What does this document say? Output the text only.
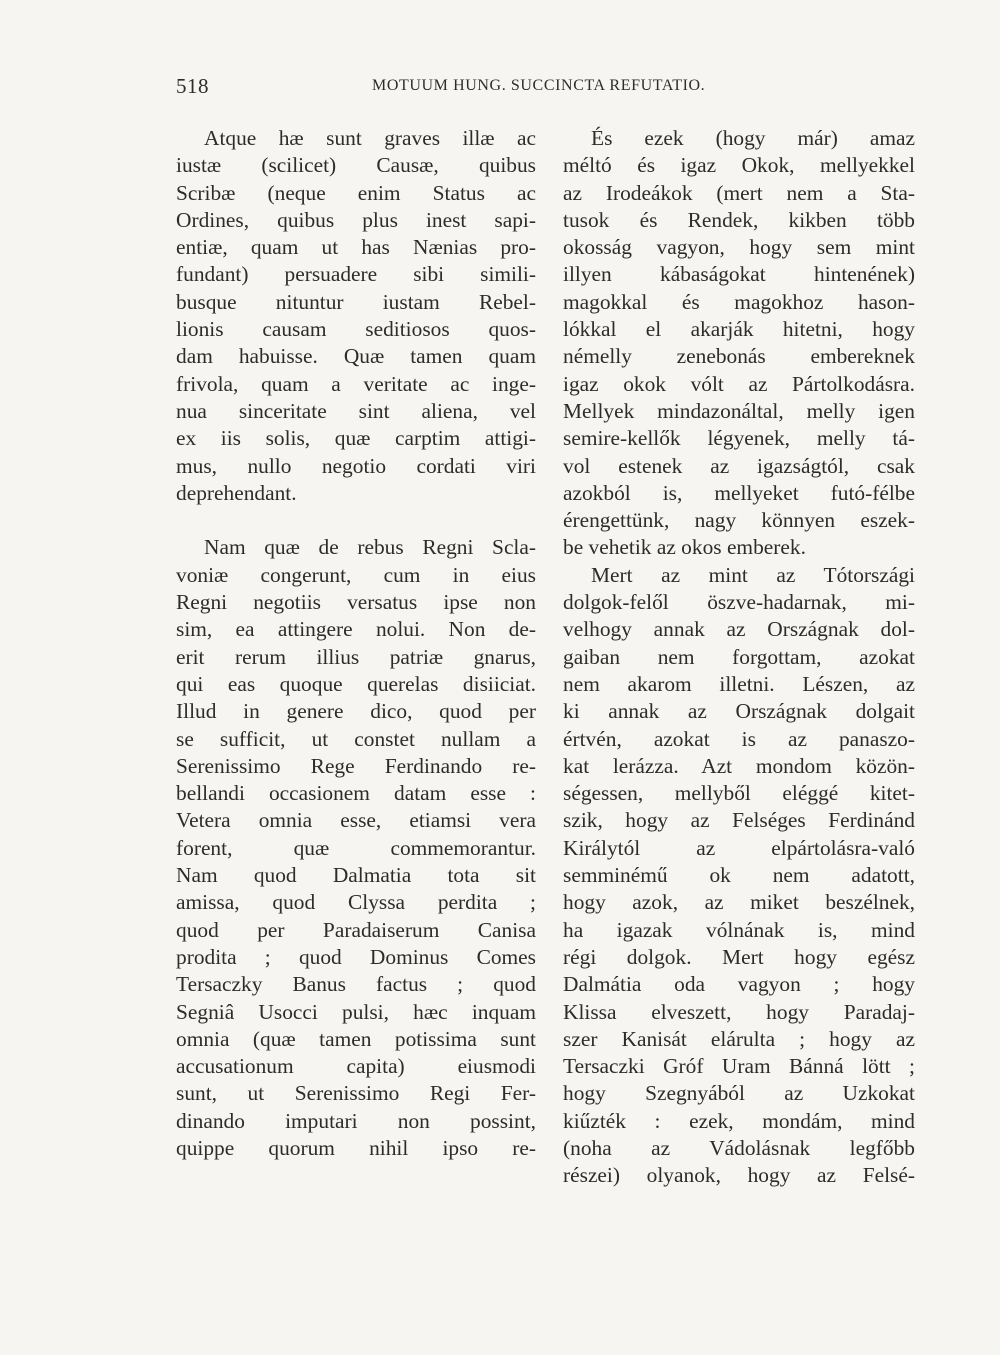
518	MOTUUM HUNG. SUCCINCTA REFUTATIO.
Atque hæ sunt graves illæ ac
iustæ (scilicet) Causæ, quibus
Scribæ (neque enim Status ac
Ordines, quibus plus inest sapi-
entiæ, quam ut has Nænias pro-
fundant) persuadere sibi simili-
busque nituntur iustam Rebel-
lionis causam seditiosos quos-
dam habuisse. Quæ tamen quam
frivola, quam a veritate ac inge-
nua sinceritate sint aliena, vel
ex iis solis, quæ carptim attigi-
mus, nullo negotio cordati viri
deprehendant.
Nam quæ de rebus Regni Scla-
voniæ congerunt, cum in eius
Regni negotiis versatus ipse non
sim, ea attingere nolui. Non de-
erit rerum illius patriæ gnarus,
qui eas quoque querelas disiiciat.
Illud in genere dico, quod per
se sufficit, ut constet nullam a
Serenissimo Rege Ferdinando re-
bellandi occasionem datam esse :
Vetera omnia esse, etiamsi vera
forent, quæ commemorantur.
Nam quod Dalmatia tota sit
amissa, quod Clyssa perdita ;
quod per Paradaiserum Canisa
prodita ; quod Dominus Comes
Tersaczky Banus factus ; quod
Segniâ Usocci pulsi, hæc inquam
omnia (quæ tamen potissima sunt
accusationum capita) eiusmodi
sunt, ut Serenissimo Regi Fer-
dinando imputari non possint,
quippe quorum nihil ipso re-
És ezek (hogy már) amaz
méltó és igaz Okok, mellyekkel
az Irodeákok (mert nem a Sta-
tusok és Rendek, kikben több
okosság vagyon, hogy sem mint
illyen kábaságokat hintenének)
magokkal és magokhoz hason-
lókkal el akarják hitetni, hogy
némelly zenebonás embereknek
igaz okok vólt az Pártolkodásra.
Mellyek mindazonáltal, melly igen
semire-kellők légyenek, melly tá-
vol estenek az igazságtól, csak
azokból is, mellyeket futó-félbe
érengettünk, nagy könnyen eszek-
be vehetik az okos emberek.
Mert az mint az Tótországi
dolgok-felől öszve-hadarnak, mi-
velhogy annak az Országnak dol-
gaiban nem forgottam, azokat
nem akarom illetni. Lészen, az
ki annak az Országnak dolgait
értvén, azokat is az panaszo-
kat lerázza. Azt mondom közön-
ségessen, mellyből eléggé kitet-
szik, hogy az Felséges Ferdinánd
Királytól az elpártolásra-való
semminémű ok nem adatott,
hogy azok, az miket beszélnek,
ha igazak vólnának is, mind
régi dolgok. Mert hogy egész
Dalmátia oda vagyon ; hogy
Klissa elveszett, hogy Paradaj-
szer Kanisát elárulta ; hogy az
Tersaczki Gróf Uram Bánná lött ;
hogy Szegnyából az Uzkokat
kiűzték : ezek, mondám, mind
(noha az Vádolásnak legfőbb
részei) olyanok, hogy az Felsé-
